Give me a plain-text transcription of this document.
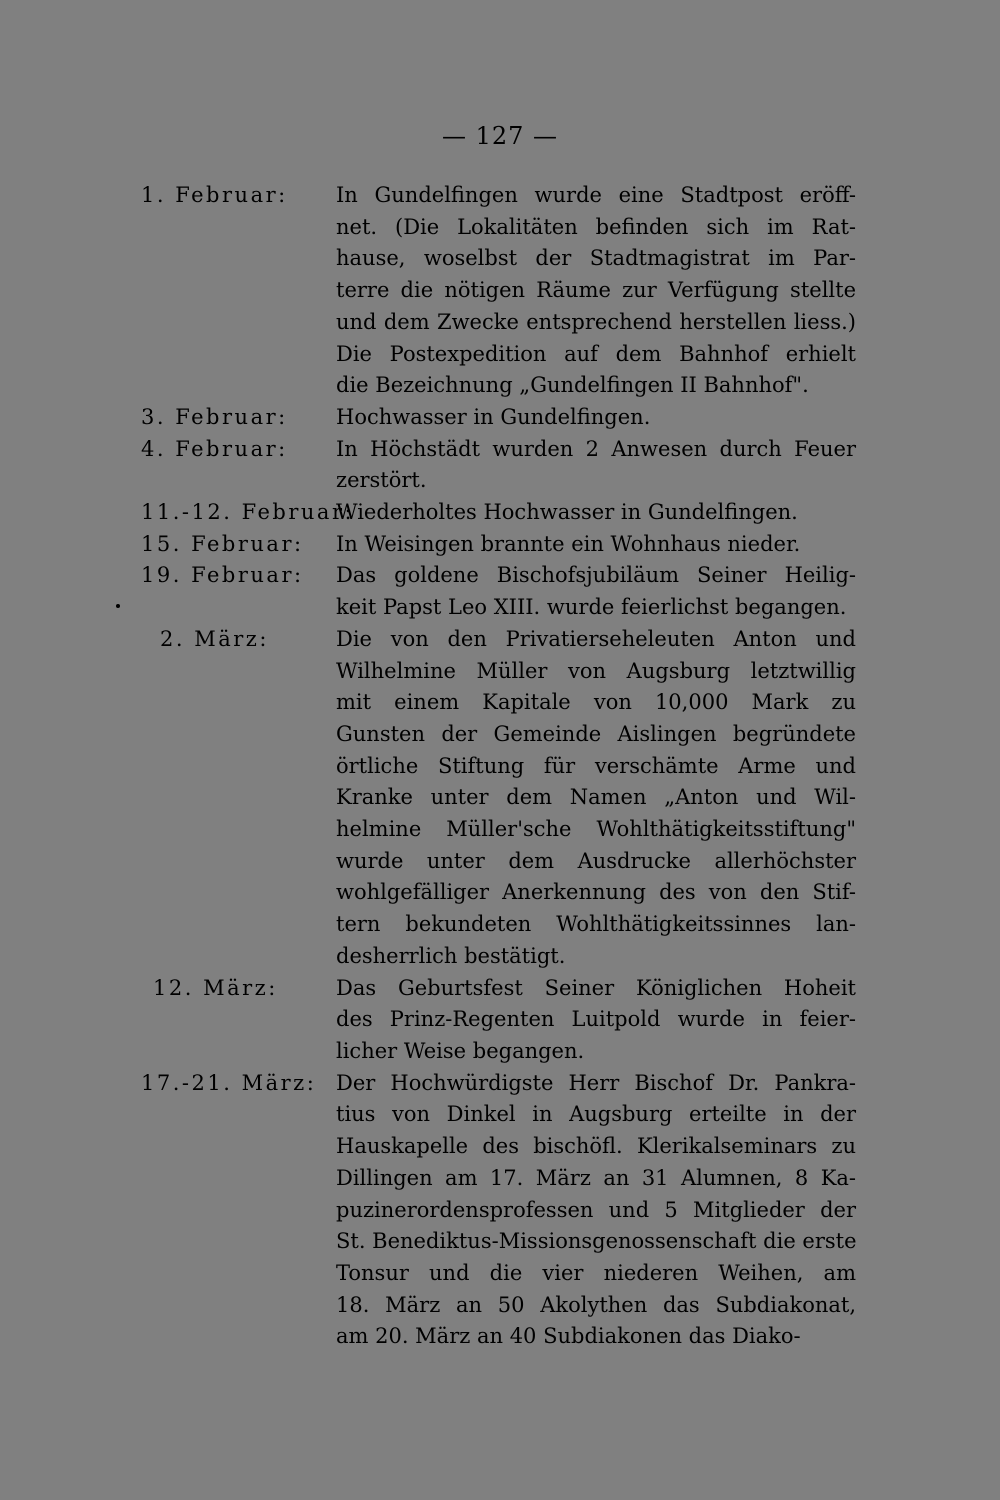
— 127 —
1. Februar: In Gundelfingen wurde eine Stadtpost eröff-
net. (Die Lokalitäten befinden sich im Rat-
hause, woselbst der Stadtmagistrat im Par-
terre die nötigen Räume zur Verfügung stellte
und dem Zwecke entsprechend herstellen liess.)
Die Postexpedition auf dem Bahnhof erhielt
die Bezeichnung „Gundelfingen II Bahnhof".
3. Februar: Hochwasser in Gundelfingen.
4. Februar: In Höchstädt wurden 2 Anwesen durch Feuer
zerstört.
11.-12. Februar:
Wiederholtes Hochwasser in Gundelfingen.
15. Februar: In Weisingen brannte ein Wohnhaus nieder.
19. Februar: Das goldene Bischofsjubiläum Seiner Heilig-
keit Papst Leo XIII. wurde feierlichst begangen.
2. März:	Die von den Privatierseheleuten Anton und
Wilhelmine Müller von Augsburg letztwillig
mit einem Kapitale von 10,000 Mark zu
Gunsten der Gemeinde Aislingen begründete
örtliche Stiftung für verschämte Arme und
Kranke unter dem Namen „Anton und Wil-
helmine Müller'sche Wohlthätigkeitsstiftung"
wurde unter dem Ausdrucke allerhöchster
wohlgefälliger Anerkennung des von den Stif-
tern bekundeten Wohlthätigkeitssinnes lan-
desherrlich bestätigt.
12. März:	Das Geburtsfest Seiner Königlichen Hoheit
des Prinz-Regenten Luitpold wurde in feier-
licher Weise begangen.
17.-21. März: Der Hochwürdigste Herr Bischof Dr. Pankra-
tius von Dinkel in Augsburg erteilte in der
Hauskapelle des bischöfl. Klerikalseminars zu
Dillingen am 17. März an 31 Alumnen, 8 Ka-
puzinerordensprofessen und 5 Mitglieder der
St. Benediktus-Missionsgenossenschaft die erste
Tonsur und die vier niederen Weihen, am
18. März an 50 Akolythen das Subdiakonat,
am 20. März an 40 Subdiakonen das Diako-
